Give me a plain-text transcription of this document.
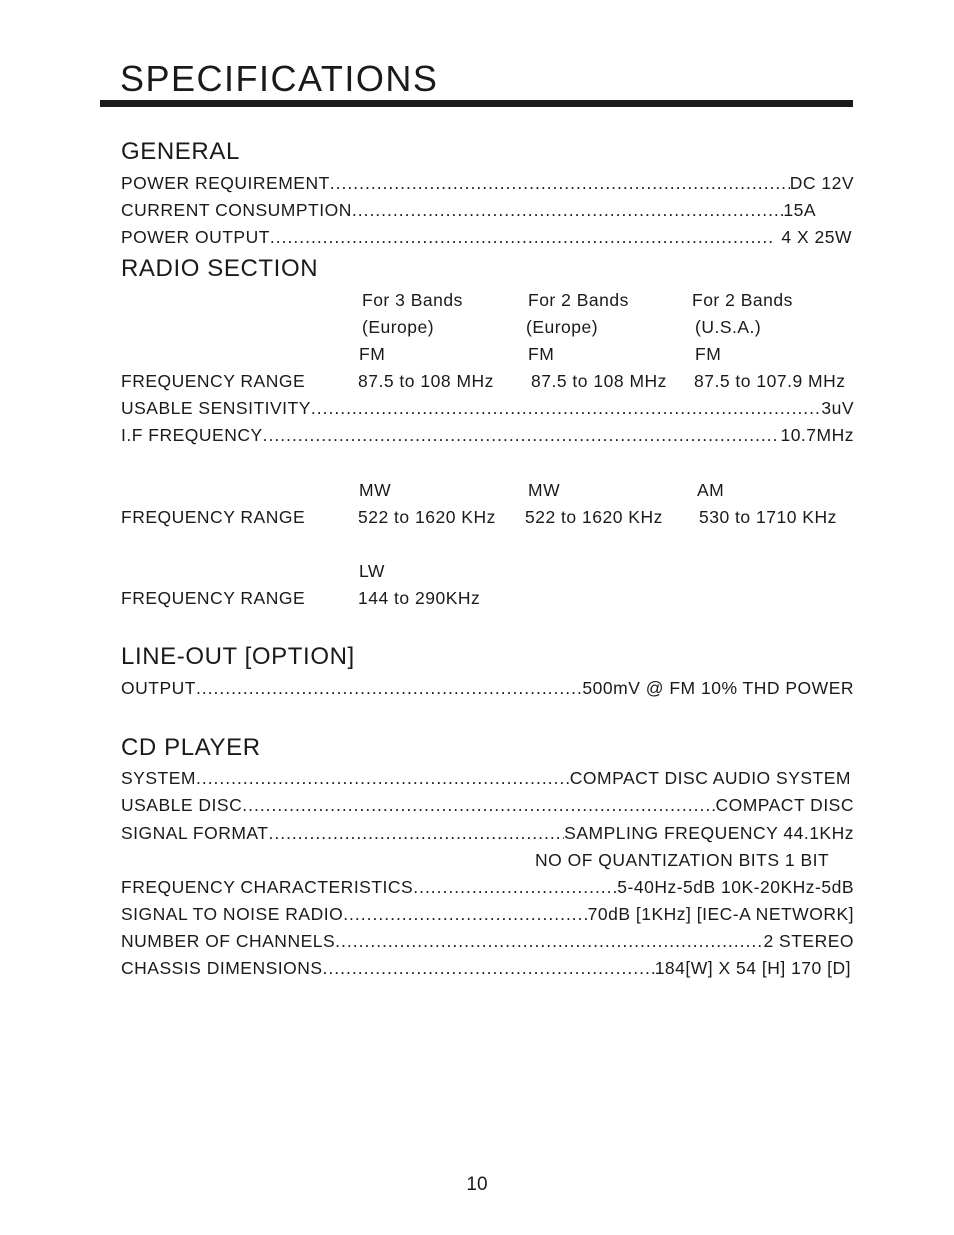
SPECIFICATIONS
GENERAL
POWER REQUIREMENT .....	DC 12V
CURRENT CONSUMPTION .....	15A
POWER OUTPUT .....	4 X 25W
RADIO SECTION
For 3 Bands	For 2 Bands	For 2 Bands
(Europe)	(Europe)	(U.S.A.)
FM	FM	FM
FREQUENCY RANGE	87.5 to 108 MHz 87.5 to 108 MHz 87.5 to 107.9 MHz
USABLE SENSITIVITY .....	3uV
I.F FREQUENCY .....	10.7MHz
MW	MW	AM
FREQUENCY RANGE	522 to 1620 KHz 522 to 1620 KHz 530 to 1710 KHz
LW
FREQUENCY RANGE	144 to 290KHz
LINE-OUT [OPTION]
OUTPUT .....	500mV @ FM 10% THD POWER
CD PLAYER
SYSTEM .....	COMPACT DISC AUDIO SYSTEM
USABLE DISC .....	COMPACT DISC
SIGNAL FORMAT .....	SAMPLING FREQUENCY 44.1KHz
NO OF QUANTIZATION BITS 1 BIT
FREQUENCY CHARACTERISTICS .....	5-40Hz-5dB 10K-20KHz-5dB
SIGNAL TO NOISE RADIO .....	70dB [1KHz] [IEC-A NETWORK]
NUMBER OF CHANNELS .....	2 STEREO
CHASSIS DIMENSIONS .....	184[W] X 54 [H] 170 [D]
10
